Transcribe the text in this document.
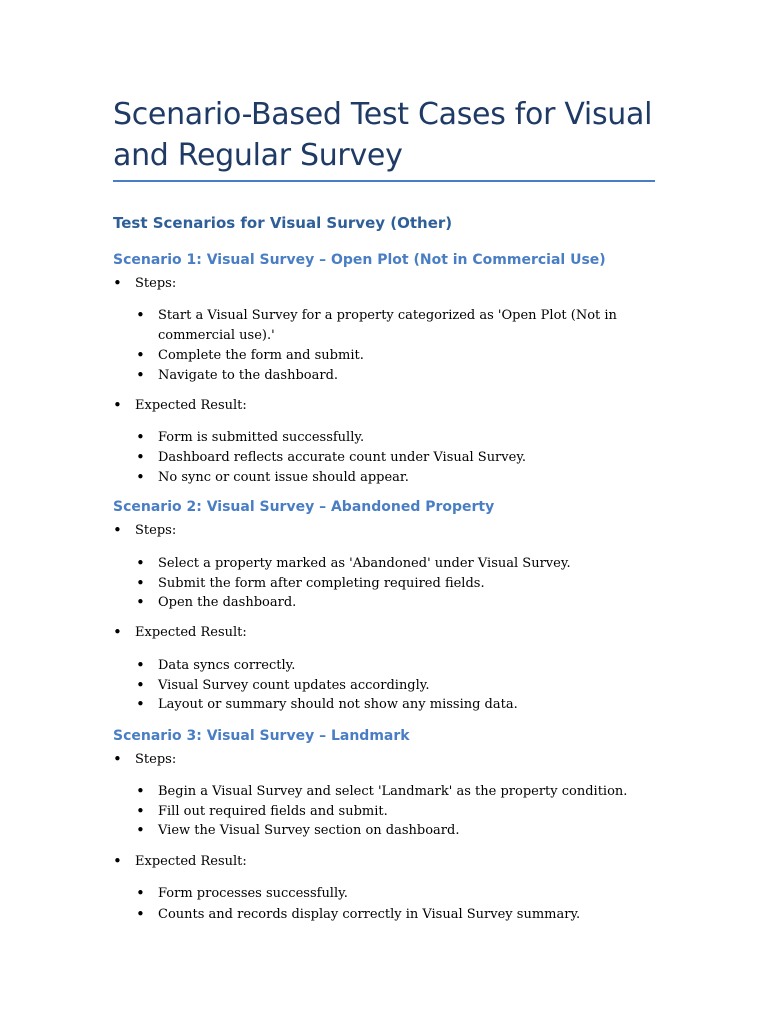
Scenario-Based Test Cases for Visual and Regular Survey
Test Scenarios for Visual Survey (Other)
Scenario 1: Visual Survey – Open Plot (Not in Commercial Use)
• Steps:
• Start a Visual Survey for a property categorized as 'Open Plot (Not in commercial use).'
• Complete the form and submit.
• Navigate to the dashboard.
• Expected Result:
• Form is submitted successfully.
• Dashboard reflects accurate count under Visual Survey.
• No sync or count issue should appear.
Scenario 2: Visual Survey – Abandoned Property
• Steps:
• Select a property marked as 'Abandoned' under Visual Survey.
• Submit the form after completing required fields.
• Open the dashboard.
• Expected Result:
• Data syncs correctly.
• Visual Survey count updates accordingly.
• Layout or summary should not show any missing data.
Scenario 3: Visual Survey – Landmark
• Steps:
• Begin a Visual Survey and select 'Landmark' as the property condition.
• Fill out required fields and submit.
• View the Visual Survey section on dashboard.
• Expected Result:
• Form processes successfully.
• Counts and records display correctly in Visual Survey summary.
